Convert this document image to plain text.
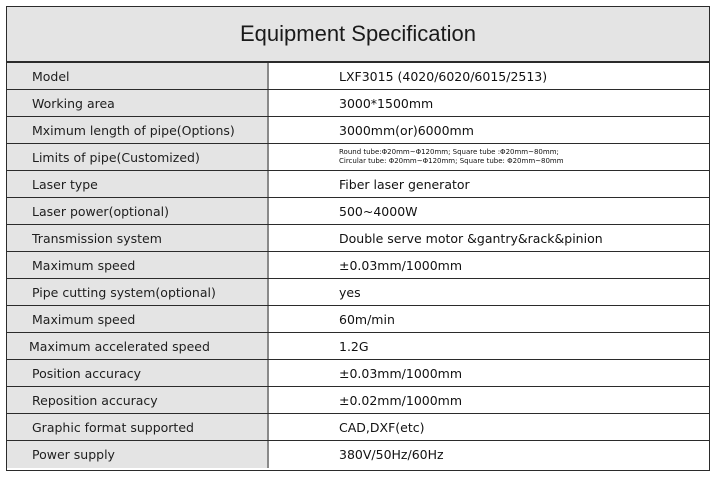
Equipment Specification
Model	LXF3015 (4020/6020/6015/2513)
Working area	3000*1500mm
Mximum length of pipe(Options)	3000mm(or)6000mm
Limits of pipe(Customized)	Round tube:Φ20mm~Φ120mm; Square tube :Φ20mm~80mm;
Circular tube: Φ20mm~Φ120mm; Square tube: Φ20mm~80mm
Laser type	Fiber laser generator
Laser power(optional)	500~4000W
Transmission system	Double serve motor &gantry&rack&pinion
Maximum speed	±0.03mm/1000mm
Pipe cutting system(optional)	yes
Maximum speed	60m/min
Maximum accelerated speed	1.2G
Position accuracy	±0.03mm/1000mm
Reposition accuracy	±0.02mm/1000mm
Graphic format supported	CAD,DXF(etc)
Power supply	380V/50Hz/60Hz
